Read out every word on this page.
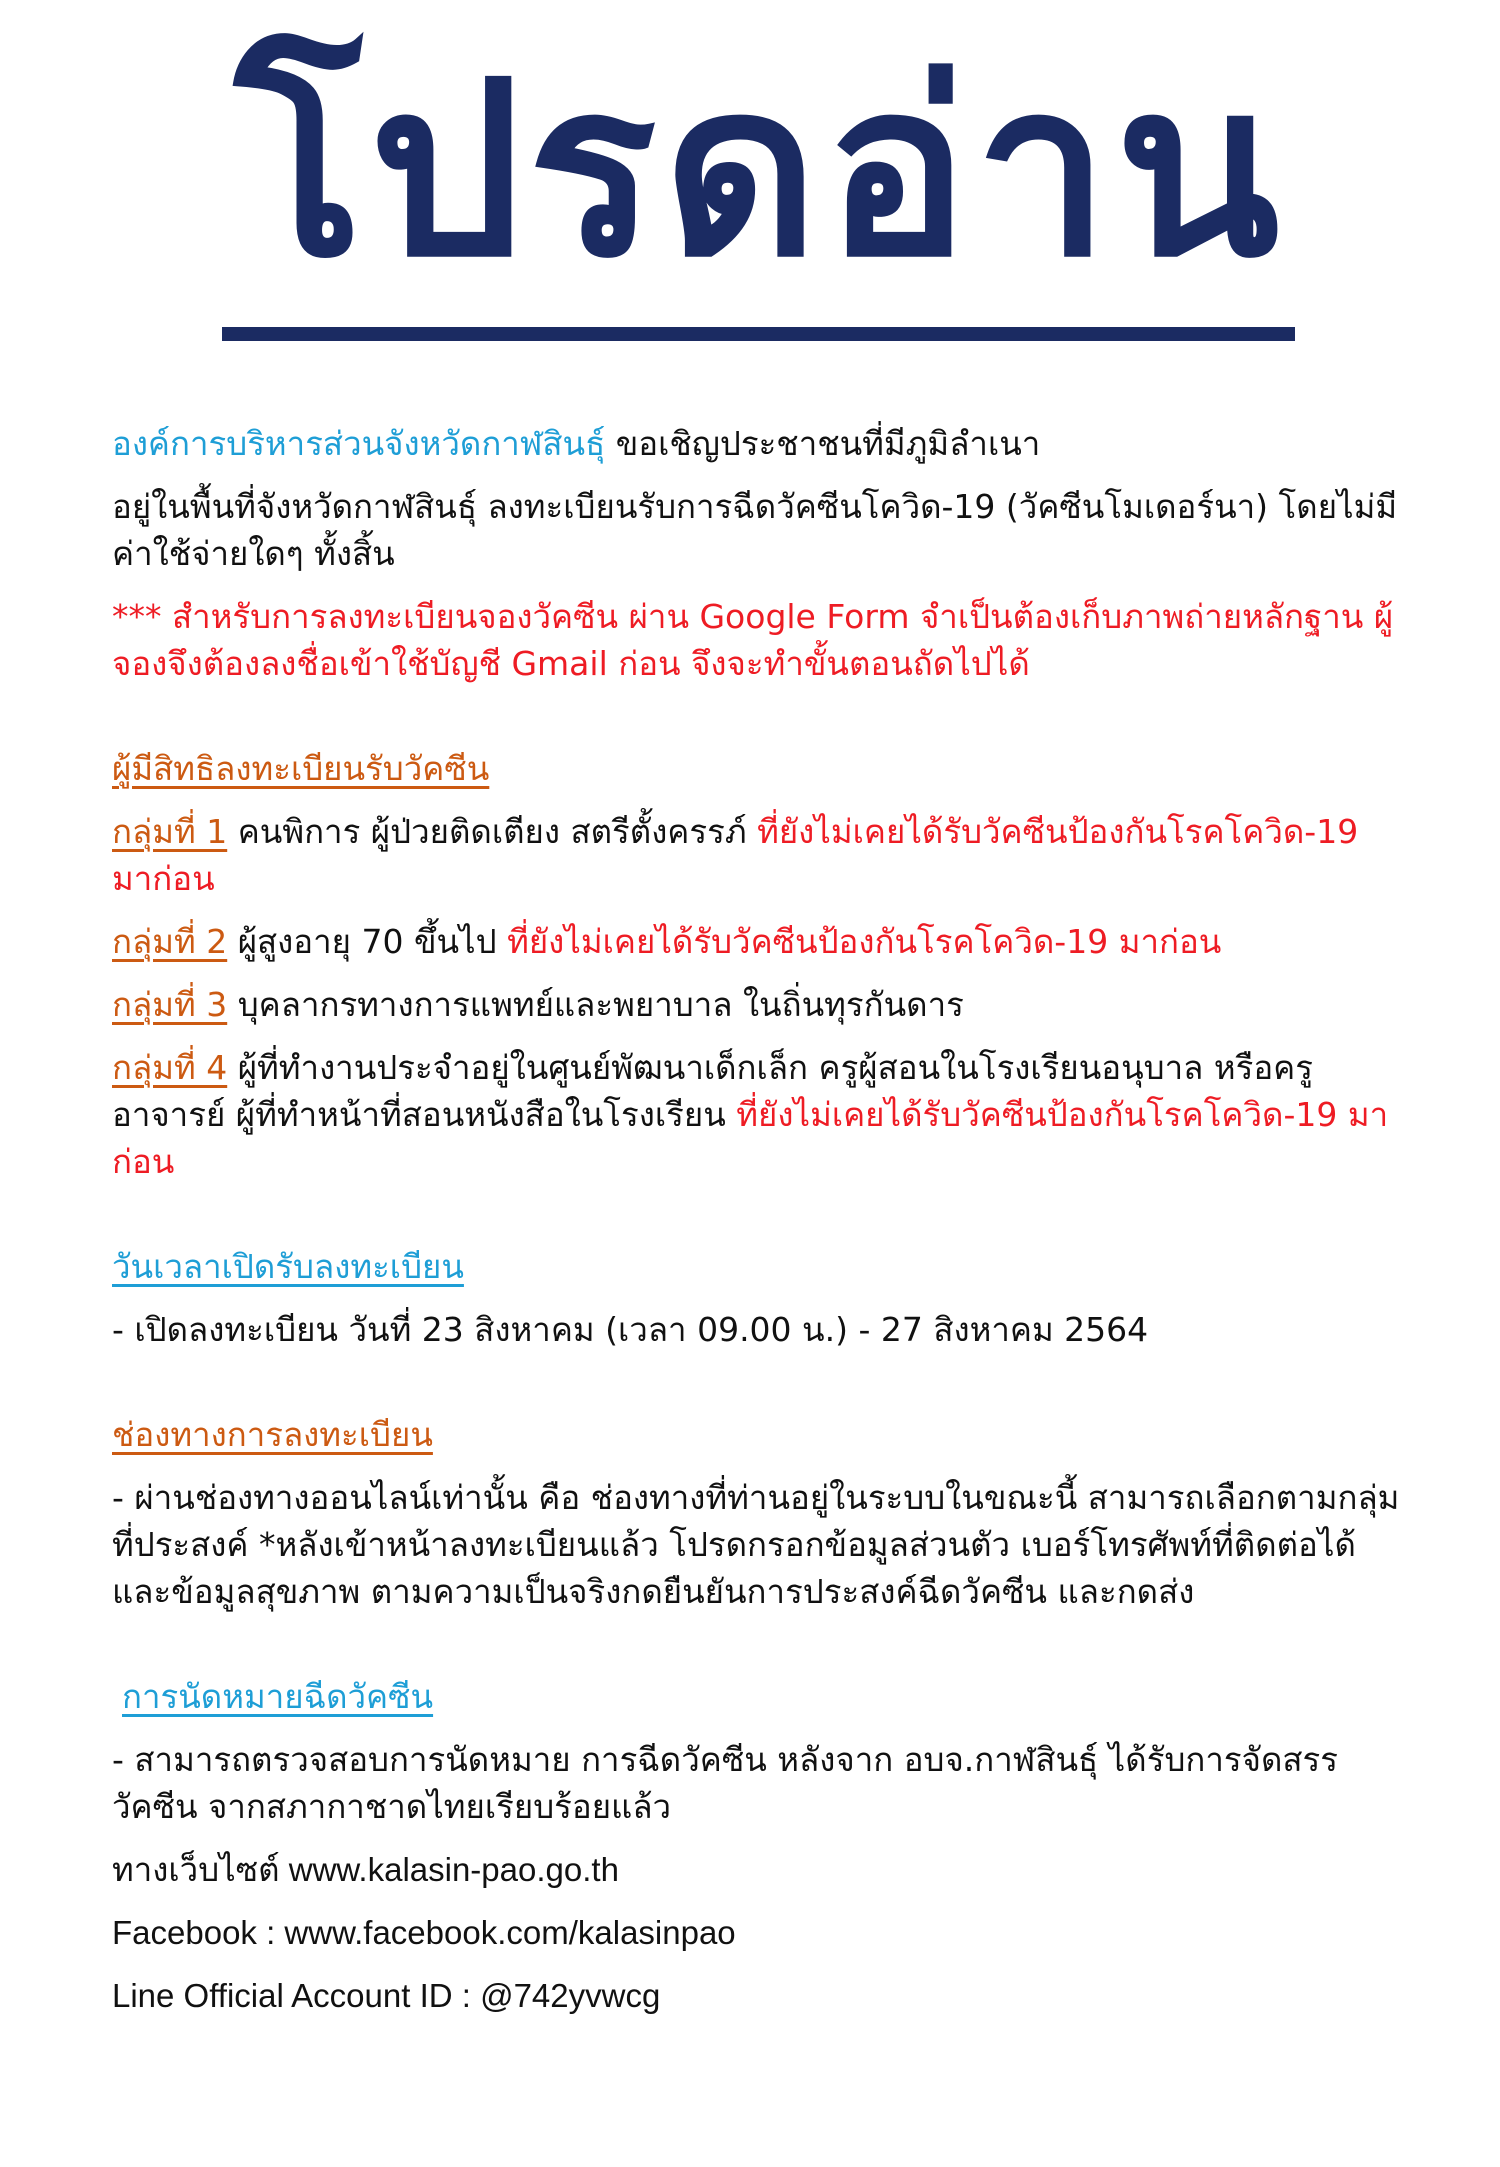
โปรดอ่าน

องค์การบริหารส่วนจังหวัดกาฬสินธุ์ ขอเชิญประชาชนที่มีภูมิลำเนา

อยู่ในพื้นที่จังหวัดกาฬสินธุ์ ลงทะเบียนรับการฉีดวัคซีนโควิด-19 (วัคซีนโมเดอร์นา) โดยไม่มีค่าใช้จ่ายใดๆ ทั้งสิ้น

*** สำหรับการลงทะเบียนจองวัคซีน ผ่าน Google Form จำเป็นต้องเก็บภาพถ่ายหลักฐาน ผู้จองจึงต้องลงชื่อเข้าใช้บัญชี Gmail ก่อน จึงจะทำขั้นตอนถัดไปได้

ผู้มีสิทธิลงทะเบียนรับวัคซีน

กลุ่มที่ 1 คนพิการ ผู้ป่วยติดเตียง สตรีตั้งครรภ์ ที่ยังไม่เคยได้รับวัคซีนป้องกันโรคโควิด-19 มาก่อน

กลุ่มที่ 2 ผู้สูงอายุ 70 ขึ้นไป ที่ยังไม่เคยได้รับวัคซีนป้องกันโรคโควิด-19 มาก่อน

กลุ่มที่ 3 บุคลากรทางการแพทย์และพยาบาล ในถิ่นทุรกันดาร

กลุ่มที่ 4 ผู้ที่ทำงานประจำอยู่ในศูนย์พัฒนาเด็กเล็ก ครูผู้สอนในโรงเรียนอนุบาล หรือครู อาจารย์ ผู้ที่ทำหน้าที่สอนหนังสือในโรงเรียน ที่ยังไม่เคยได้รับวัคซีนป้องกันโรคโควิด-19 มาก่อน

วันเวลาเปิดรับลงทะเบียน

- เปิดลงทะเบียน วันที่ 23 สิงหาคม (เวลา 09.00 น.) - 27 สิงหาคม 2564

ช่องทางการลงทะเบียน

- ผ่านช่องทางออนไลน์เท่านั้น คือ ช่องทางที่ท่านอยู่ในระบบในขณะนี้ สามารถเลือกตามกลุ่มที่ประสงค์ *หลังเข้าหน้าลงทะเบียนแล้ว โปรดกรอกข้อมูลส่วนตัว เบอร์โทรศัพท์ที่ติดต่อได้ และข้อมูลสุขภาพ ตามความเป็นจริงกดยืนยันการประสงค์ฉีดวัคซีน และกดส่ง

การนัดหมายฉีดวัคซีน

- สามารถตรวจสอบการนัดหมาย การฉีดวัคซีน หลังจาก อบจ.กาฬสินธุ์ ได้รับการจัดสรรวัคซีน จากสภากาชาดไทยเรียบร้อยแล้ว

ทางเว็บไซต์ www.kalasin-pao.go.th

Facebook : www.facebook.com/kalasinpao

Line Official Account ID : @742yvwcg
